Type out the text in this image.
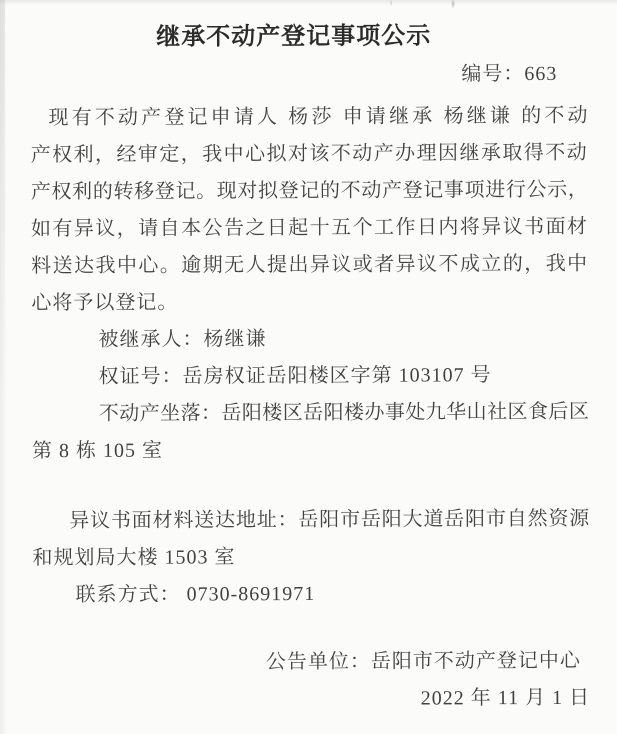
继承不动产登记事项公示
编号：663
现有不动产登记申请人 杨莎 申请继承 杨继谦 的不动
产权利，经审定，我中心拟对该不动产办理因继承取得不动
产权利的转移登记。现对拟登记的不动产登记事项进行公示，
如有异议，请自本公告之日起十五个工作日内将异议书面材
料送达我中心。逾期无人提出异议或者异议不成立的，我中
心将予以登记。
被继承人：杨继谦
权证号：岳房权证岳阳楼区字第 103107 号
不动产坐落：岳阳楼区岳阳楼办事处九华山社区食后区
第 8 栋 105 室
异议书面材料送达地址：岳阳市岳阳大道岳阳市自然资源
和规划局大楼 1503 室
联系方式： 0730-8691971
公告单位：岳阳市不动产登记中心
2022 年 11 月 1 日
